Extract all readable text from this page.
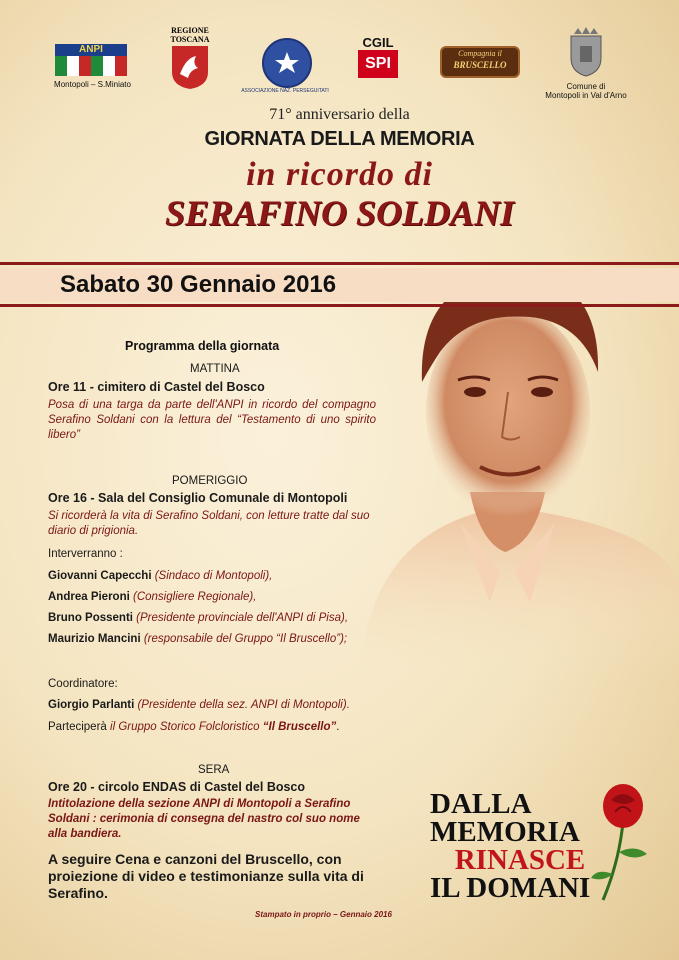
ANPI
Montopoli – S.Miniato
REGIONE
TOSCANA
ASSOCIAZIONE NAZ. PERSEGUITATI
CGIL
SPI
Compagnia il
BRUSCELLO
Comune di
Montopoli in Val d'Arno
71° anniversario della
GIORNATA DELLA MEMORIA
in ricordo di
SERAFINO SOLDANI
Sabato 30 Gennaio 2016
Programma della giornata
MATTINA
Ore 11 - cimitero di Castel del Bosco
Posa di una targa da parte dell'ANPI in ricordo del compagno Serafino Soldani con la lettura del “Testamento di uno spirito libero”
POMERIGGIO
Ore 16 - Sala del Consiglio Comunale di Montopoli
Si ricorderà la vita di Serafino Soldani, con letture tratte dal suo diario di prigionia.
Interverranno :
Giovanni Capecchi (Sindaco di Montopoli),
Andrea Pieroni (Consigliere Regionale),
Bruno Possenti (Presidente provinciale dell'ANPI di Pisa),
Maurizio Mancini (responsabile del Gruppo “Il Bruscello”);
Coordinatore:
Giorgio Parlanti (Presidente della sez. ANPI di Montopoli).
Parteciperà il Gruppo Storico Folcloristico “Il Bruscello”.
SERA
Ore 20 - circolo ENDAS di Castel del Bosco
Intitolazione della sezione ANPI di Montopoli a Serafino Soldani : cerimonia di consegna del nastro col suo nome alla bandiera.
A seguire Cena e canzoni del Bruscello, con proiezione di video e testimonianze sulla vita di Serafino.
DALLA
MEMORIA
RINASCE
IL DOMANI
Stampato in proprio – Gennaio 2016
